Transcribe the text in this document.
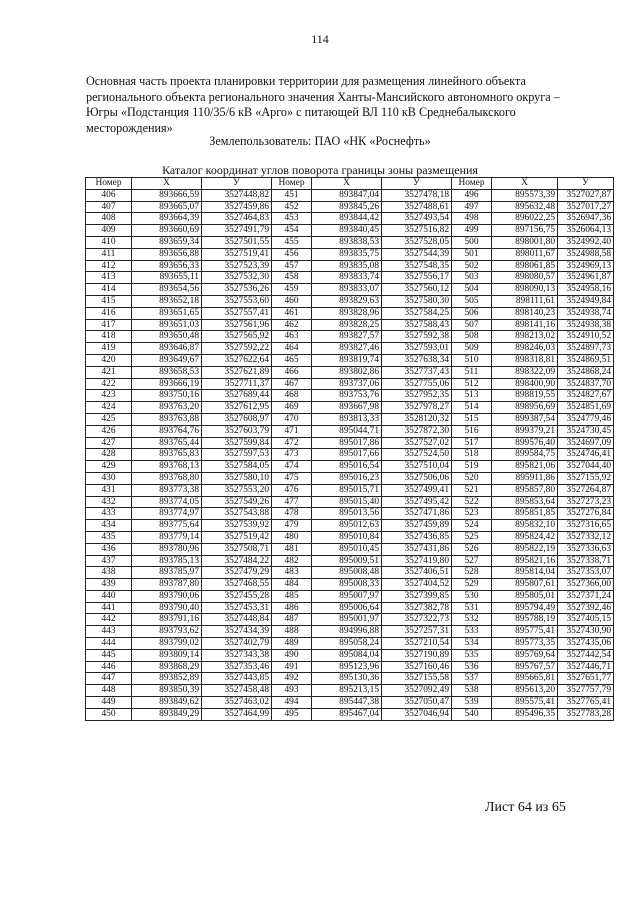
114
Основная часть проекта планировки территории для размещения линейного объекта регионального объекта регионального значения Ханты-Мансийского автономного округа – Югры «Подстанция 110/35/6 кВ «Арго» с питающей ВЛ 110 кВ Среднебалыкского месторождения»
Землепользователь: ПАО «НК «Роснефть»
Каталог координат углов поворота границы зоны размещения
Номер	X	У	Номер	X	У	Номер	X	У
406	893666,59	3527448,82	451	893847,04	3527478,18	496	895573,39	3527027,87
407	893665,07	3527459,86	452	893845,26	3527488,61	497	895632,48	3527017,27
408	893664,39	3527464,83	453	893844,42	3527493,54	498	896022,25	3526947,36
409	893660,69	3527491,79	454	893840,45	3527516,82	499	897156,75	3526064,13
410	893659,34	3527501,55	455	893838,53	3527528,05	500	898001,80	3524992,40
411	893656,88	3527519,41	456	893835,75	3527544,39	501	898011,67	3524988,58
412	893656,33	3527523,39	457	893835,08	3527548,35	502	898061,85	3524969,13
413	893655,11	3527532,30	458	893833,74	3527556,17	503	898080,57	3524961,87
414	893654,56	3527536,26	459	893833,07	3527560,12	504	898090,13	3524958,16
415	893652,18	3527553,60	460	893829,63	3527580,30	505	898111,61	3524949,84
416	893651,65	3527557,41	461	893828,96	3527584,25	506	898140,23	3524938,74
417	893651,03	3527561,96	462	893828,25	3527588,43	507	898141,16	3524938,38
418	893650,48	3527565,92	463	893827,57	3527592,38	508	898213,02	3524910,52
419	893646,87	3527592,22	464	893827,46	3527593,01	509	898246,03	3524897,73
420	893649,67	3527622,64	465	893819,74	3527638,34	510	898318,81	3524869,51
421	893658,53	3527621,89	466	893802,86	3527737,43	511	898322,09	3524868,24
422	893666,19	3527711,37	467	893737,06	3527755,06	512	898400,90	3524837,70
423	893750,16	3527689,44	468	893753,76	3527952,35	513	898819,55	3524827,67
424	893763,20	3527612,95	469	893667,98	3527978,27	514	898956,69	3524851,69
425	893763,88	3527608,97	470	893813,33	3528120,32	515	899387,54	3524779,46
426	893764,76	3527603,79	471	895044,71	3527872,30	516	899379,21	3524730,45
427	893765,44	3527599,84	472	895017,86	3527527,02	517	899576,40	3524697,09
428	893765,83	3527597,53	473	895017,66	3527524,50	518	899584,75	3524746,41
429	893768,13	3527584,05	474	895016,54	3527510,04	519	895821,06	3527044,40
430	893768,80	3527580,10	475	895016,23	3527506,06	520	895911,86	3527155,92
431	893773,38	3527553,20	476	895015,71	3527499,41	521	895857,80	3527264,87
432	893774,05	3527549,26	477	895015,40	3527495,42	522	895853,64	3527273,23
433	893774,97	3527543,88	478	895013,56	3527471,86	523	895851,85	3527276,84
434	893775,64	3527539,92	479	895012,63	3527459,89	524	895832,10	3527316,65
435	893779,14	3527519,42	480	895010,84	3527436,85	525	895824,42	3527332,12
436	893780,96	3527508,71	481	895010,45	3527431,86	526	895822,19	3527336,63
437	893785,13	3527484,22	482	895009,51	3527419,80	527	895821,16	3527338,71
438	893785,97	3527479,29	483	895008,48	3527406,51	528	895814,04	3527353,07
439	893787,80	3527468,55	484	895008,33	3527404,52	529	895807,61	3527366,00
440	893790,06	3527455,28	485	895007,97	3527399,85	530	895805,01	3527371,24
441	893790,40	3527453,31	486	895006,64	3527382,78	531	895794,49	3527392,46
442	893791,16	3527448,84	487	895001,97	3527322,73	532	895788,19	3527405,15
443	893793,62	3527434,39	488	894996,88	3527257,31	533	895775,41	3527430,90
444	893799,02	3527402,79	489	895058,24	3527210,54	534	895773,35	3527435,06
445	893809,14	3527343,38	490	895084,04	3527190,89	535	895769,64	3527442,54
446	893868,29	3527353,46	491	895123,96	3527160,46	536	895767,57	3527446,71
447	893852,89	3527443,85	492	895130,36	3527155,58	537	895665,81	3527651,77
448	893850,39	3527458,48	493	895213,15	3527092,49	538	895613,20	3527757,79
449	893849,62	3527463,02	494	895447,38	3527050,47	539	895575,41	3527765,41
450	893849,29	3527464,99	495	895467,04	3527046,94	540	895496,35	3527783,28
Лист 64 из 65
